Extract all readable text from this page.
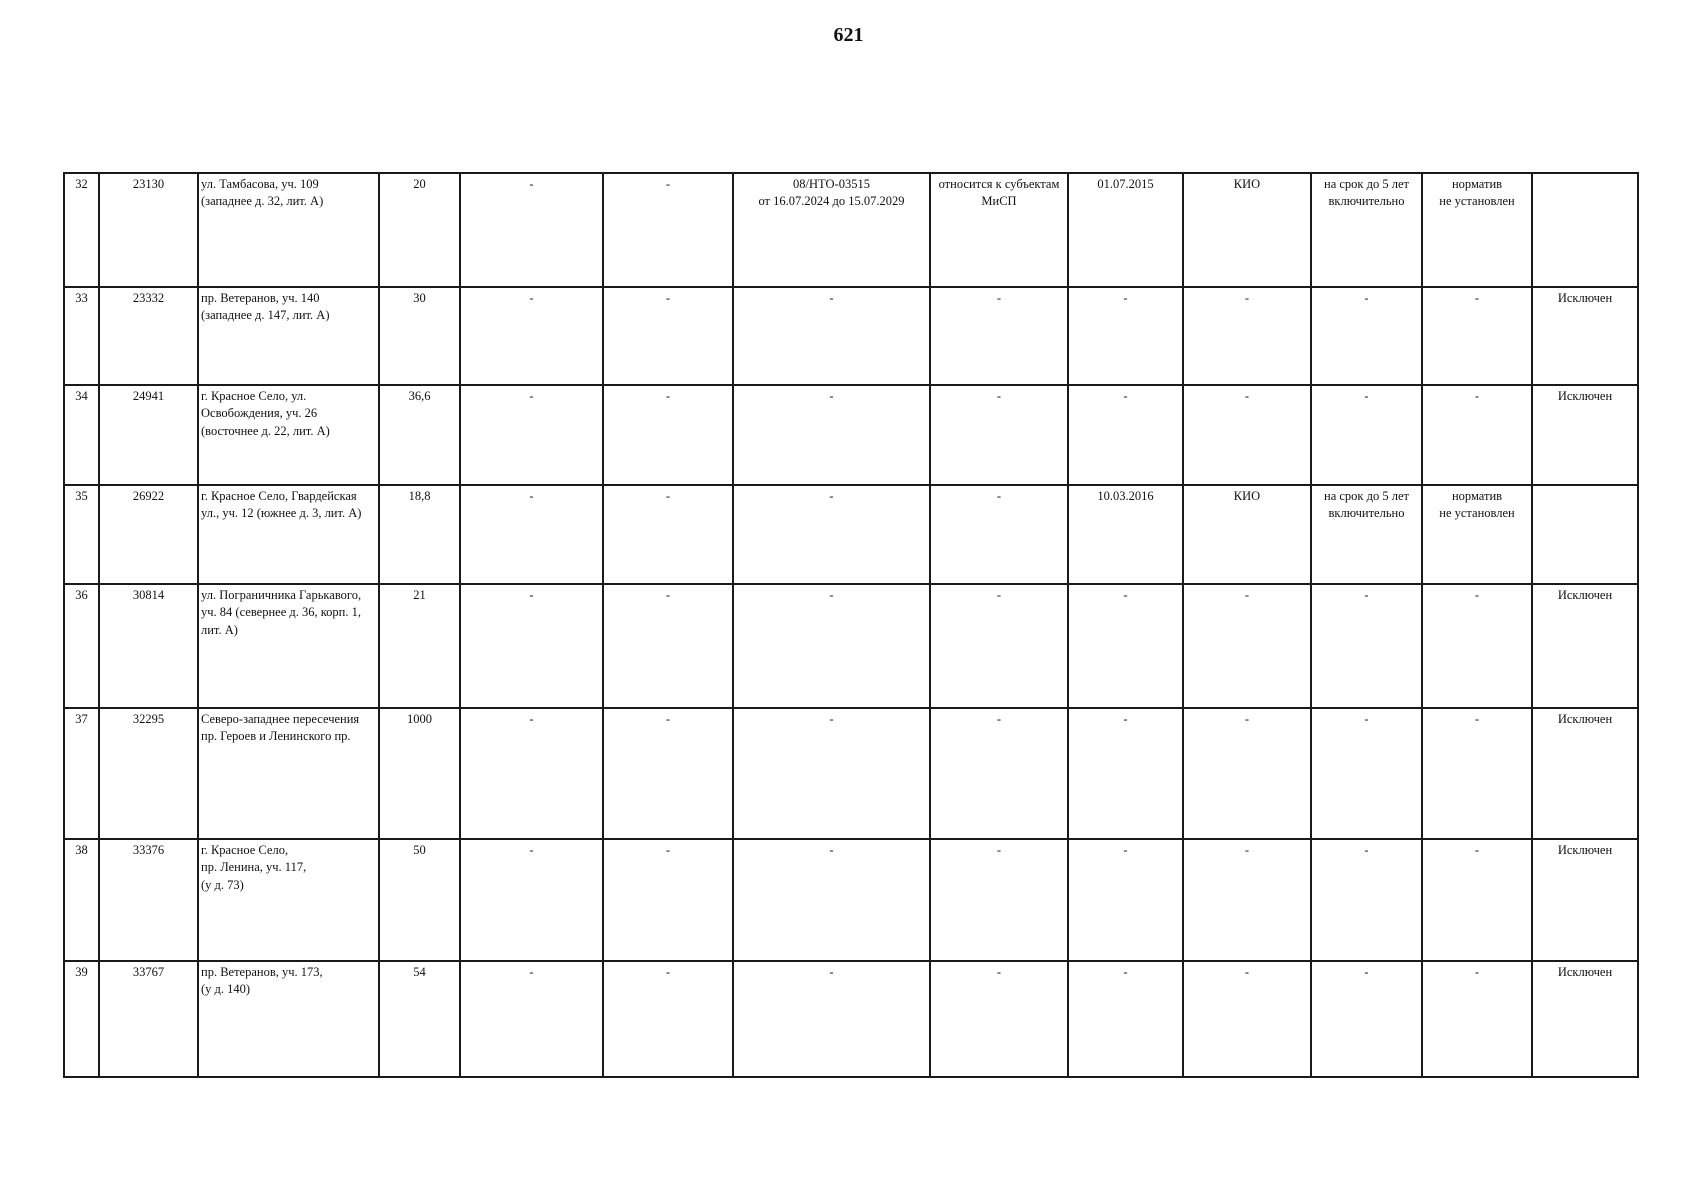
621
32	23130	ул. Тамбасова, уч. 109
(западнее д. 32, лит. А)	20	-	-	08/НТО-03515
от 16.07.2024 до 15.07.2029	относится к субъектам МиСП	01.07.2015	КИО	на срок до 5 лет включительно	норматив
не установлен	
33	23332	пр. Ветеранов, уч. 140
(западнее д. 147, лит. А)	30	-	-	-	-	-	-	-	-	Исключен
34	24941	г. Красное Село, ул. Освобождения, уч. 26
(восточнее д. 22, лит. А)	36,6	-	-	-	-	-	-	-	-	Исключен
35	26922	г. Красное Село, Гвардейская ул., уч. 12 (южнее д. 3, лит. А)	18,8	-	-	-	-	10.03.2016	КИО	на срок до 5 лет включительно	норматив
не установлен	
36	30814	ул. Пограничника Гарькавого, уч. 84 (севернее д. 36, корп. 1, лит. А)	21	-	-	-	-	-	-	-	-	Исключен
37	32295	Северо-западнее пересечения пр. Героев и Ленинского пр.	1000	-	-	-	-	-	-	-	-	Исключен
38	33376	г. Красное Село,
пр. Ленина, уч. 117,
(у д. 73)	50	-	-	-	-	-	-	-	-	Исключен
39	33767	пр. Ветеранов, уч. 173,
(у д. 140)	54	-	-	-	-	-	-	-	-	Исключен
